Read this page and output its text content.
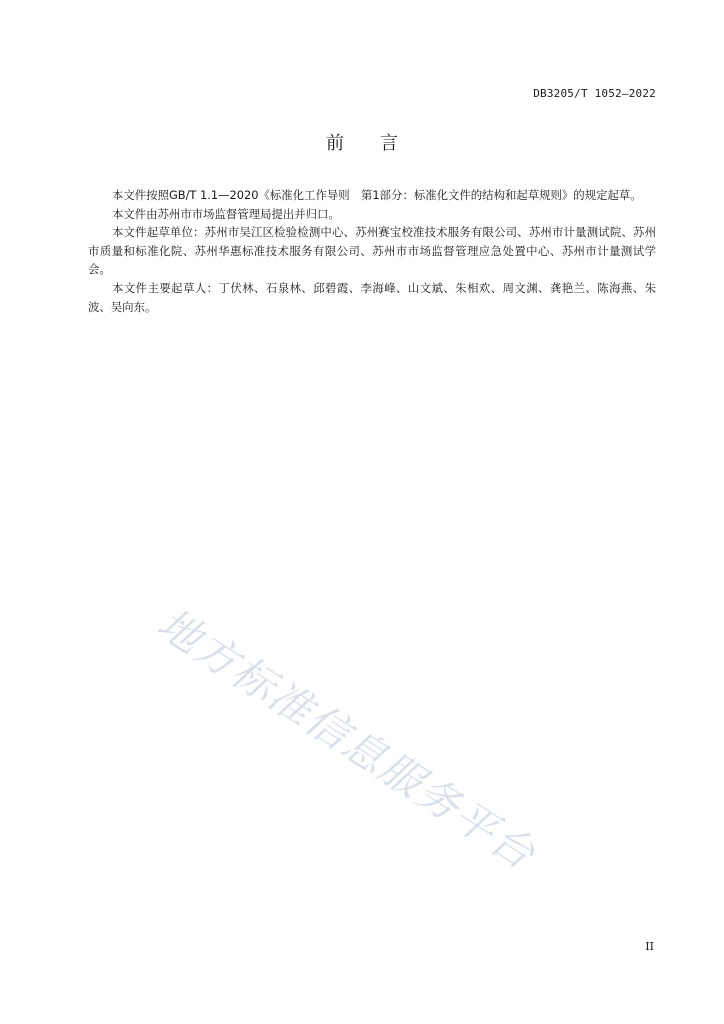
DB3205/T 1052—2022
前言

本文件按照GB/T 1.1—2020《标准化工作导则　第1部分：标准化文件的结构和起草规则》的规定起草。

本文件由苏州市市场监督管理局提出并归口。

本文件起草单位：苏州市吴江区检验检测中心、苏州赛宝校准技术服务有限公司、苏州市计量测试院、苏州市质量和标准化院、苏州华惠标准技术服务有限公司、苏州市市场监督管理应急处置中心、苏州市计量测试学会。

本文件主要起草人：丁伏林、石泉林、邱碧霞、李海峰、山文斌、朱相欢、周文渊、龚艳兰、陈海燕、朱波、吴向东。

地方标准信息服务平台
II
